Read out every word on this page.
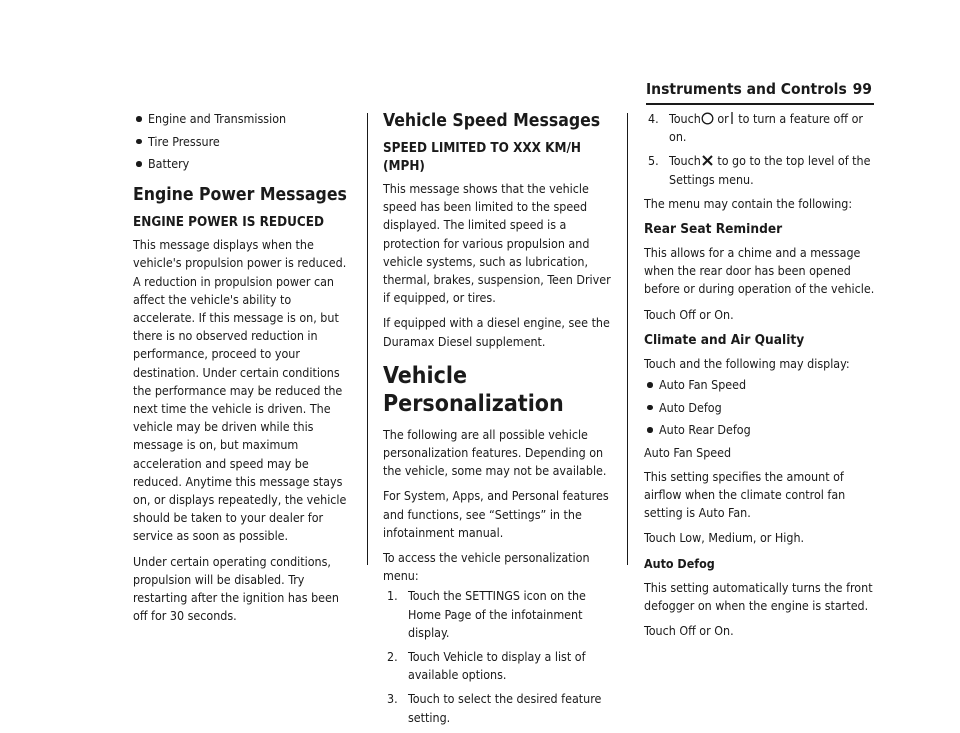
Instruments and Controls 99
Engine and Transmission
Tire Pressure
Battery
Engine Power Messages
ENGINE POWER IS REDUCED

This message displays when the vehicle's propulsion power is reduced. A reduction in propulsion power can affect the vehicle's ability to accelerate. If this message is on, but there is no observed reduction in performance, proceed to your destination. Under certain conditions the performance may be reduced the next time the vehicle is driven. The vehicle may be driven while this message is on, but maximum acceleration and speed may be reduced. Anytime this message stays on, or displays repeatedly, the vehicle should be taken to your dealer for service as soon as possible.

Under certain operating conditions, propulsion will be disabled. Try restarting after the ignition has been off for 30 seconds.

Vehicle Speed Messages
SPEED LIMITED TO XXX KM/H (MPH)

This message shows that the vehicle speed has been limited to the speed displayed. The limited speed is a protection for various propulsion and vehicle systems, such as lubrication, thermal, brakes, suspension, Teen Driver if equipped, or tires.

If equipped with a diesel engine, see the Duramax Diesel supplement.

Vehicle Personalization

The following are all possible vehicle personalization features. Depending on the vehicle, some may not be available.

For System, Apps, and Personal features and functions, see “Settings” in the infotainment manual.

To access the vehicle personalization menu:

1. Touch the SETTINGS icon on the Home Page of the infotainment display.
2. Touch Vehicle to display a list of available options.
3. Touch to select the desired feature setting.
4. Touch or to turn a feature off or on.
5. Touch to go to the top level of the Settings menu.

The menu may contain the following:

Rear Seat Reminder

This allows for a chime and a message when the rear door has been opened before or during operation of the vehicle.

Touch Off or On.

Climate and Air Quality

Touch and the following may display:

Auto Fan Speed
Auto Defog
Auto Rear Defog
Auto Fan Speed

This setting specifies the amount of airflow when the climate control fan setting is Auto Fan.

Touch Low, Medium, or High.

Auto Defog

This setting automatically turns the front defogger on when the engine is started.

Touch Off or On.
